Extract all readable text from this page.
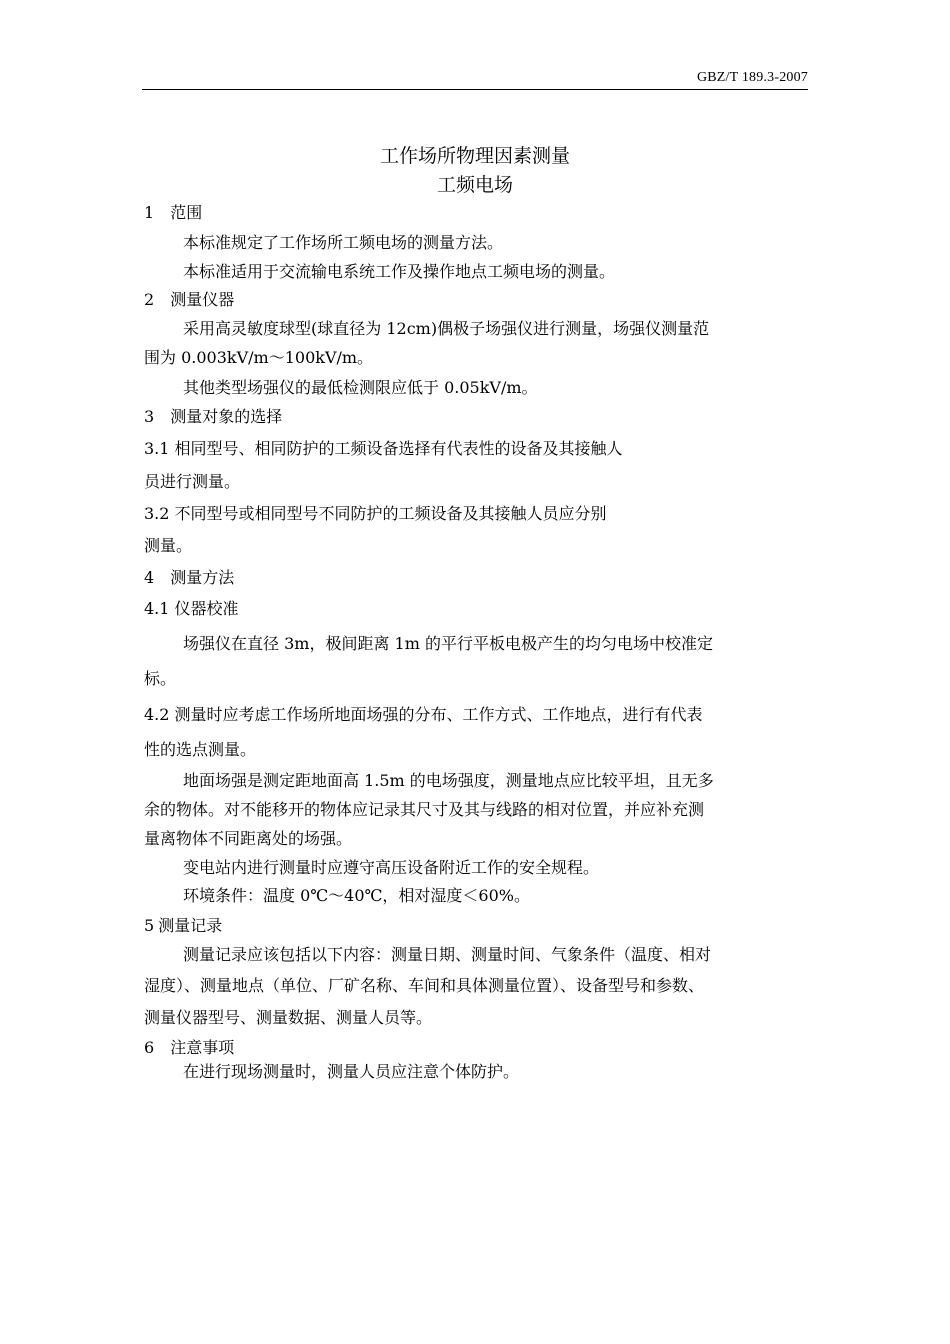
GBZ/T 189.3-2007
工作场所物理因素测量
工频电场
1 范围
本标准规定了工作场所工频电场的测量方法。
本标准适用于交流输电系统工作及操作地点工频电场的测量。
2 测量仪器
采用高灵敏度球型(球直径为 12cm)偶极子场强仪进行测量，场强仪测量范
围为 0.003kV/m～100kV/m。
其他类型场强仪的最低检测限应低于 0.05kV/m。
3 测量对象的选择
3.1 相同型号、相同防护的工频设备选择有代表性的设备及其接触人
员进行测量。
3.2 不同型号或相同型号不同防护的工频设备及其接触人员应分别
测量。
4 测量方法
4.1 仪器校准
场强仪在直径 3m，极间距离 1m 的平行平板电极产生的均匀电场中校准定
标。
4.2 测量时应考虑工作场所地面场强的分布、工作方式、工作地点，进行有代表
性的选点测量。
地面场强是测定距地面高 1.5m 的电场强度，测量地点应比较平坦，且无多
余的物体。对不能移开的物体应记录其尺寸及其与线路的相对位置，并应补充测
量离物体不同距离处的场强。
变电站内进行测量时应遵守高压设备附近工作的安全规程。
环境条件：温度 0℃～40℃，相对湿度＜60%。
5 测量记录
测量记录应该包括以下内容：测量日期、测量时间、气象条件（温度、相对
湿度）、测量地点（单位、厂矿名称、车间和具体测量位置）、设备型号和参数、
测量仪器型号、测量数据、测量人员等。
6 注意事项
在进行现场测量时，测量人员应注意个体防护。
